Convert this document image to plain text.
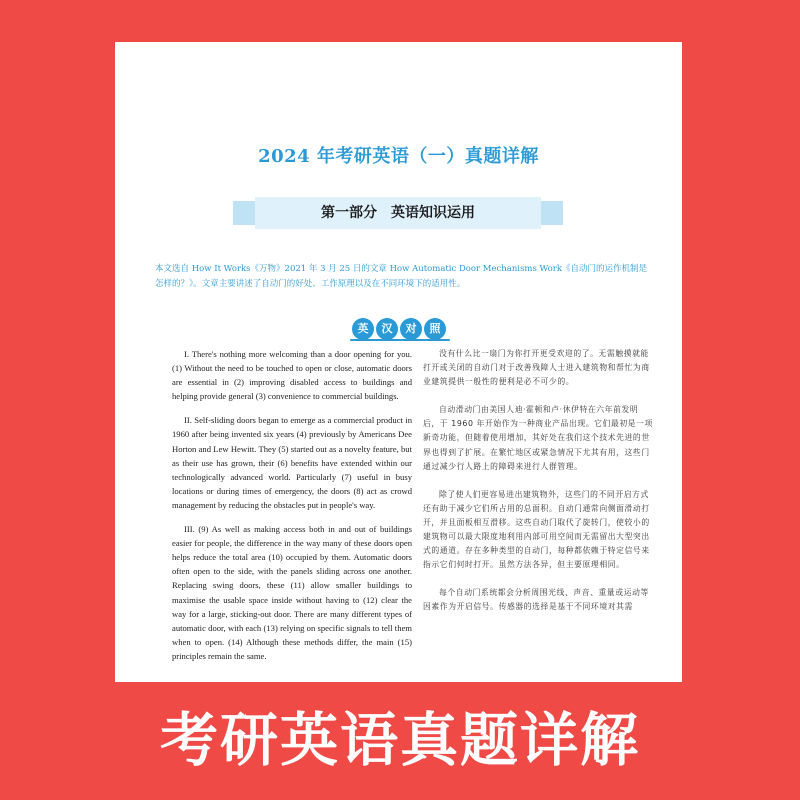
2024 年考研英语（一）真题详解
第一部分　英语知识运用
本文选自 How It Works《万物》2021 年 3 月 25 日的文章 How Automatic Door Mechanisms Work《自动门的运作机制是怎样的？》。文章主要讲述了自动门的好处、工作原理以及在不同环境下的适用性。
英	汉	对	照

I. There's nothing more welcoming than a door opening for you. (1) Without the need to be touched to open or close, automatic doors are essential in (2) improving disabled access to buildings and helping provide general (3) convenience to commercial buildings.

II. Self-sliding doors began to emerge as a commercial product in 1960 after being invented six years (4) previously by Americans Dee Horton and Lew Hewitt. They (5) started out as a novelty feature, but as their use has grown, their (6) benefits have extended within our technologically advanced world. Particularly (7) useful in busy locations or during times of emergency, the doors (8) act as crowd management by reducing the obstacles put in people's way.

III. (9) As well as making access both in and out of buildings easier for people, the difference in the way many of these doors open helps reduce the total area (10) occupied by them. Automatic doors often open to the side, with the panels sliding across one another. Replacing swing doors, these (11) allow smaller buildings to maximise the usable space inside without having to (12) clear the way for a large, sticking-out door. There are many different types of automatic door, with each (13) relying on specific signals to tell them when to open. (14) Although these methods differ, the main (15) principles remain the same.

没有什么比一扇门为你打开更受欢迎的了。无需触摸就能打开或关闭的自动门对于改善残障人士进入建筑物和帮忙为商业建筑提供一般性的便利是必不可少的。

自动滑动门由美国人迪·霍顿和卢·休伊特在六年前发明后，于 1960 年开始作为一种商业产品出现。它们最初是一项新奇功能，但随着使用增加，其好处在我们这个技术先进的世界也得到了扩展。在繁忙地区或紧急情况下尤其有用，这些门通过减少行人路上的障碍来进行人群管理。

除了使人们更容易进出建筑物外，这些门的不同开启方式还有助于减少它们所占用的总面积。自动门通常向侧面滑动打开，并且面板相互滑移。这些自动门取代了旋转门，使较小的建筑物可以最大限度地利用内部可用空间而无需留出大型突出式的通道。存在多种类型的自动门，每种都依赖于特定信号来指示它们何时打开。虽然方法各异，但主要原理相同。

每个自动门系统都会分析周围光线、声音、重量或运动等因素作为开启信号。传感器的选择是基于不同环境对其需

考研英语真题详解
